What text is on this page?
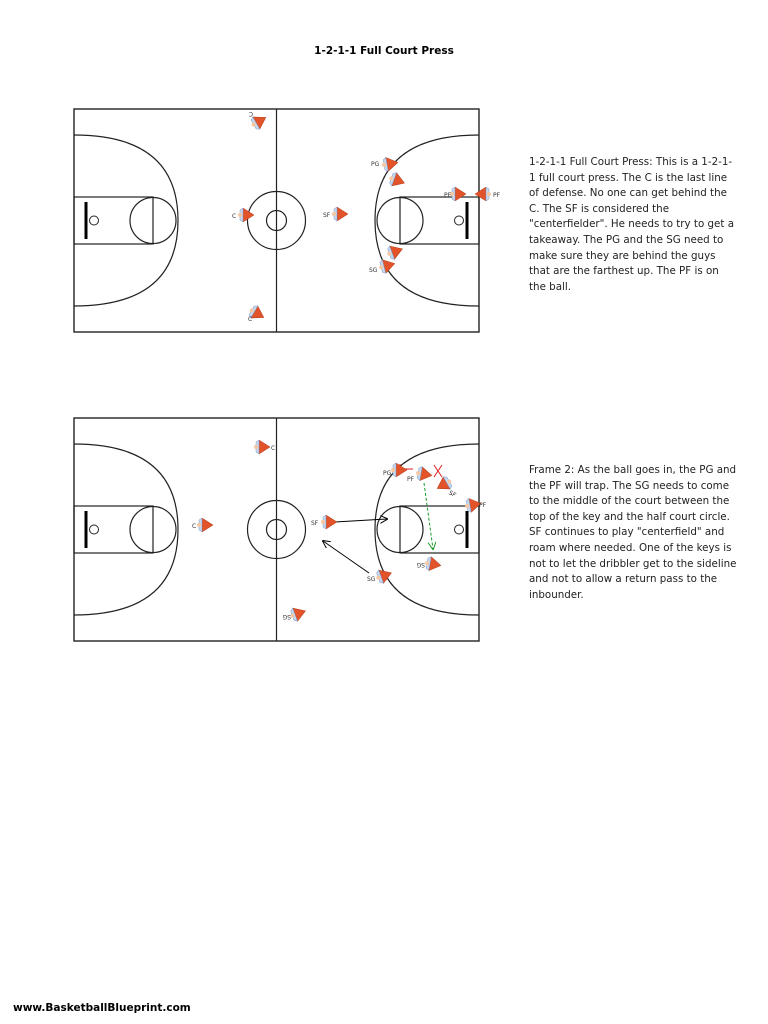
1-2-1-1 Full Court Press
C
C
C
SF
PG
SG
PF	PF
1-2-1-1 Full Court Press: This is a 1-2-1-1 full court press. The C is the last line of defense. No one can get behind the C. The SF is considered the "centerfielder". He needs to try to get a takeaway. The PG and the SG need to make sure they are behind the guys that are the farthest up. The PF is on the ball.
C
C
SG
SF
PG
PF
SF
PF
SG
SG
Frame 2: As the ball goes in, the PG and the PF will trap. The SG needs to come to the middle of the court between the top of the key and the half court circle. SF continues to play "centerfield" and roam where needed. One of the keys is not to let the dribbler get to the sideline and not to allow a return pass to the inbounder.
www.BasketballBlueprint.com
